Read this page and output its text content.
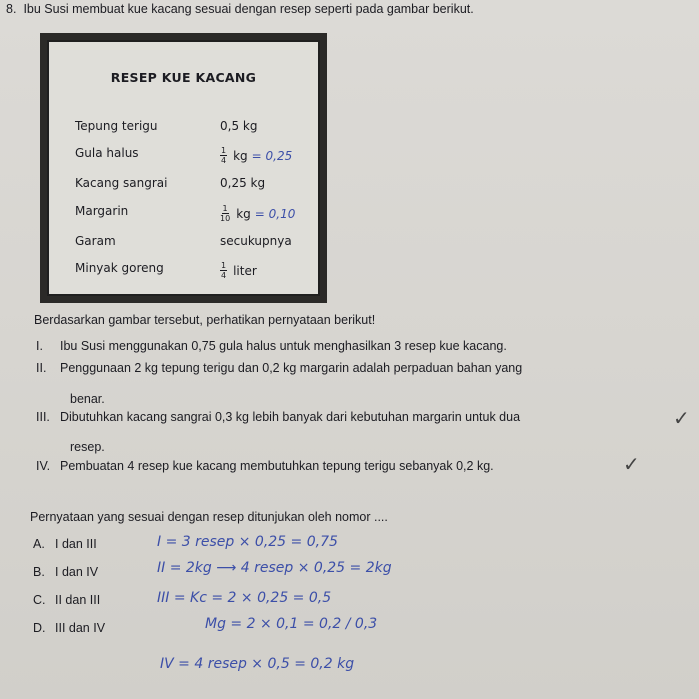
8. Ibu Susi membuat kue kacang sesuai dengan resep seperti pada gambar berikut.
RESEP KUE KACANG
Tepung terigu	0,5 kg
Gula halus	$\frac{1}{4}$ kg = 0,25
Kacang sangrai	0,25 kg
Margarin	$\frac{1}{10}$ kg = 0,10
Garam	secukupnya
Minyak goreng	$\frac{1}{4}$ liter
Berdasarkan gambar tersebut, perhatikan pernyataan berikut!
I. Ibu Susi menggunakan 0,75 gula halus untuk menghasilkan 3 resep kue kacang.
II. Penggunaan 2 kg tepung terigu dan 0,2 kg margarin adalah perpaduan bahan yang
benar.
III. Dibutuhkan kacang sangrai 0,3 kg lebih banyak dari kebutuhan margarin untuk dua	✓
resep.
IV. Pembuatan 4 resep kue kacang membutuhkan tepung terigu sebanyak 0,2 kg.	✓
Pernyataan yang sesuai dengan resep ditunjukan oleh nomor ....
A. I dan III
B. I dan IV
C. II dan III
D. III dan IV
I = 3 resep × 0,25 = 0,75
II = 2kg ⟶ 4 resep × 0,25 = 2kg
III = Kc = 2 × 0,25 = 0,5
Mg = 2 × 0,1 = 0,2 / 0,3
IV = 4 resep × 0,5 = 0,2 kg
